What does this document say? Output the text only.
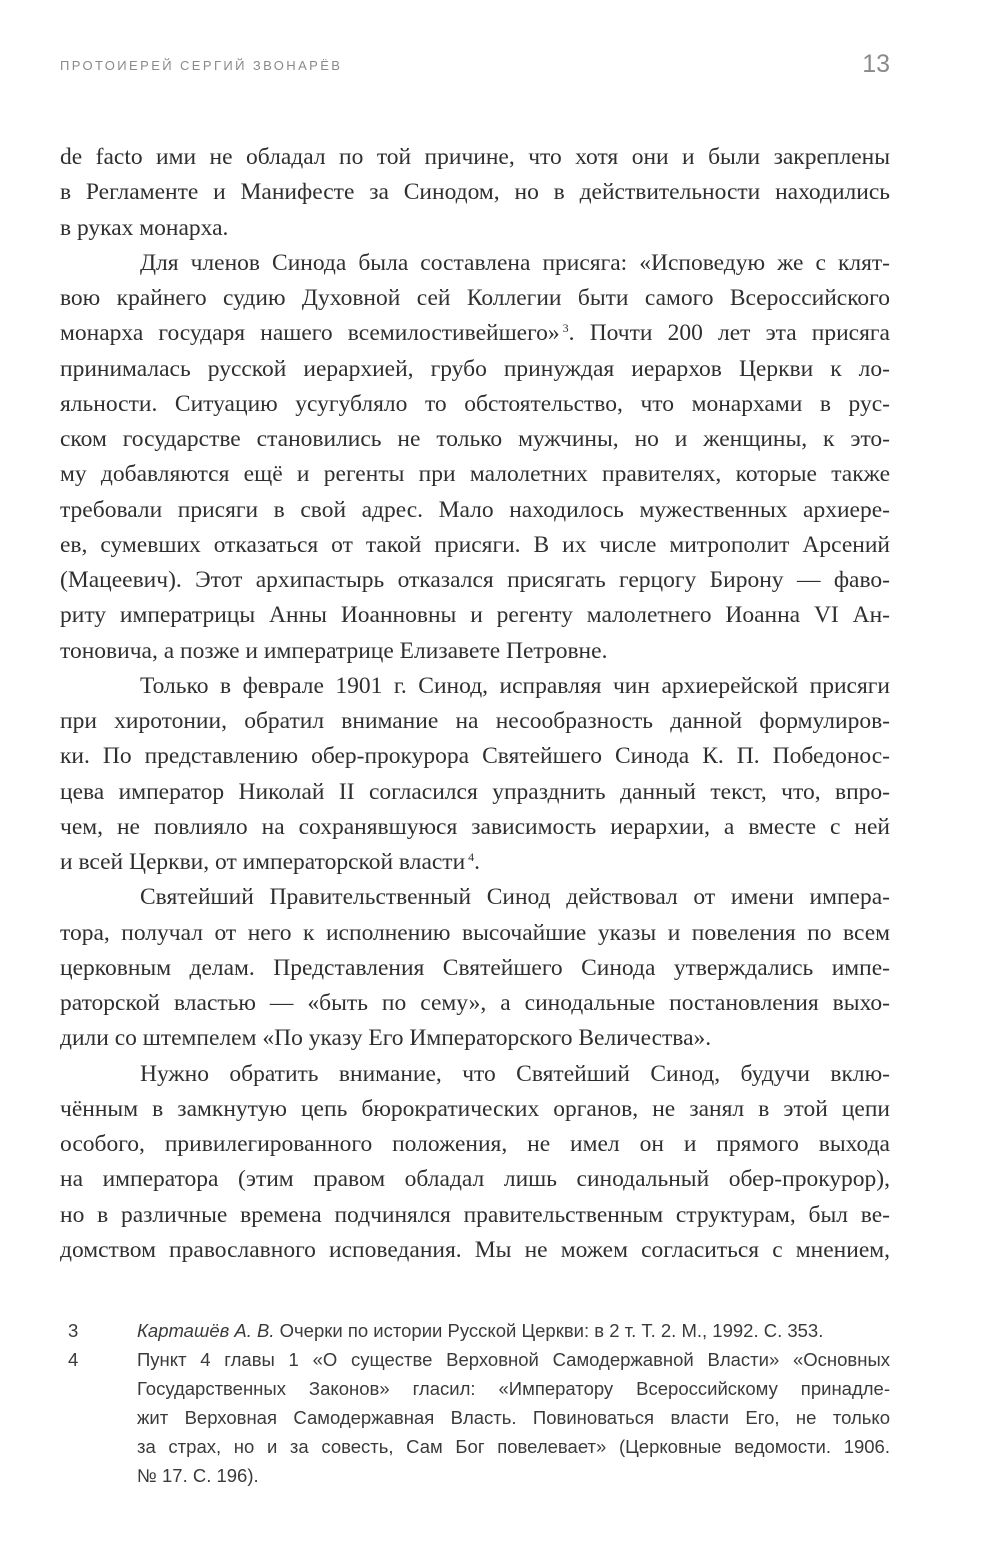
ПРОТОИЕРЕЙ СЕРГИЙ ЗВОНАРЁВ	13
de facto ими не обладал по той причине, что хотя они и были закреплены
в Регламенте и Манифесте за Синодом, но в действительности находились
в руках монарха.
Для членов Синода была составлена присяга: «Исповедую же с клят-
вою крайнего судию Духовной сей Коллегии быти самого Всероссийского
монарха государя нашего всемилостивейшего» $^3$. Почти 200 лет эта присяга
принималась русской иерархией, грубо принуждая иерархов Церкви к ло-
яльности. Ситуацию усугубляло то обстоятельство, что монархами в рус-
ском государстве становились не только мужчины, но и женщины, к это-
му добавляются ещё и регенты при малолетних правителях, которые также
требовали присяги в свой адрес. Мало находилось мужественных архиере-
ев, сумевших отказаться от такой присяги. В их числе митрополит Арсений
(Мацеевич). Этот архипастырь отказался присягать герцогу Бирону — фаво-
риту императрицы Анны Иоанновны и регенту малолетнего Иоанна VI Ан-
тоновича, а позже и императрице Елизавете Петровне.
Только в феврале 1901 г. Синод, исправляя чин архиерейской присяги
при хиротонии, обратил внимание на несообразность данной формулиров-
ки. По представлению обер-прокурора Святейшего Синода К. П. Победонос-
цева император Николай II согласился упразднить данный текст, что, впро-
чем, не повлияло на сохранявшуюся зависимость иерархии, а вместе с ней
и всей Церкви, от императорской власти $^4$.
Святейший Правительственный Синод действовал от имени импера-
тора, получал от него к исполнению высочайшие указы и повеления по всем
церковным делам. Представления Святейшего Синода утверждались импе-
раторской властью — «быть по сему», а синодальные постановления выхо-
дили со штемпелем «По указу Его Императорского Величества».
Нужно обратить внимание, что Святейший Синод, будучи вклю-
чённым в замкнутую цепь бюрократических органов, не занял в этой цепи
особого, привилегированного положения, не имел он и прямого выхода
на императора (этим правом обладал лишь синодальный обер-прокурор),
но в различные времена подчинялся правительственным структурам, был ве-
домством православного исповедания. Мы не можем согласиться с мнением,
3	Карташёв А. В. Очерки по истории Русской Церкви: в 2 т. Т. 2. М., 1992. С. 353.
4	Пункт 4 главы 1 «О существе Верховной Самодержавной Власти» «Основных
Государственных Законов» гласил: «Императору Всероссийскому принадле-
жит Верховная Самодержавная Власть. Повиноваться власти Его, не только
за страх, но и за совесть, Сам Бог повелевает» (Церковные ведомости. 1906.
№ 17. С. 196).
